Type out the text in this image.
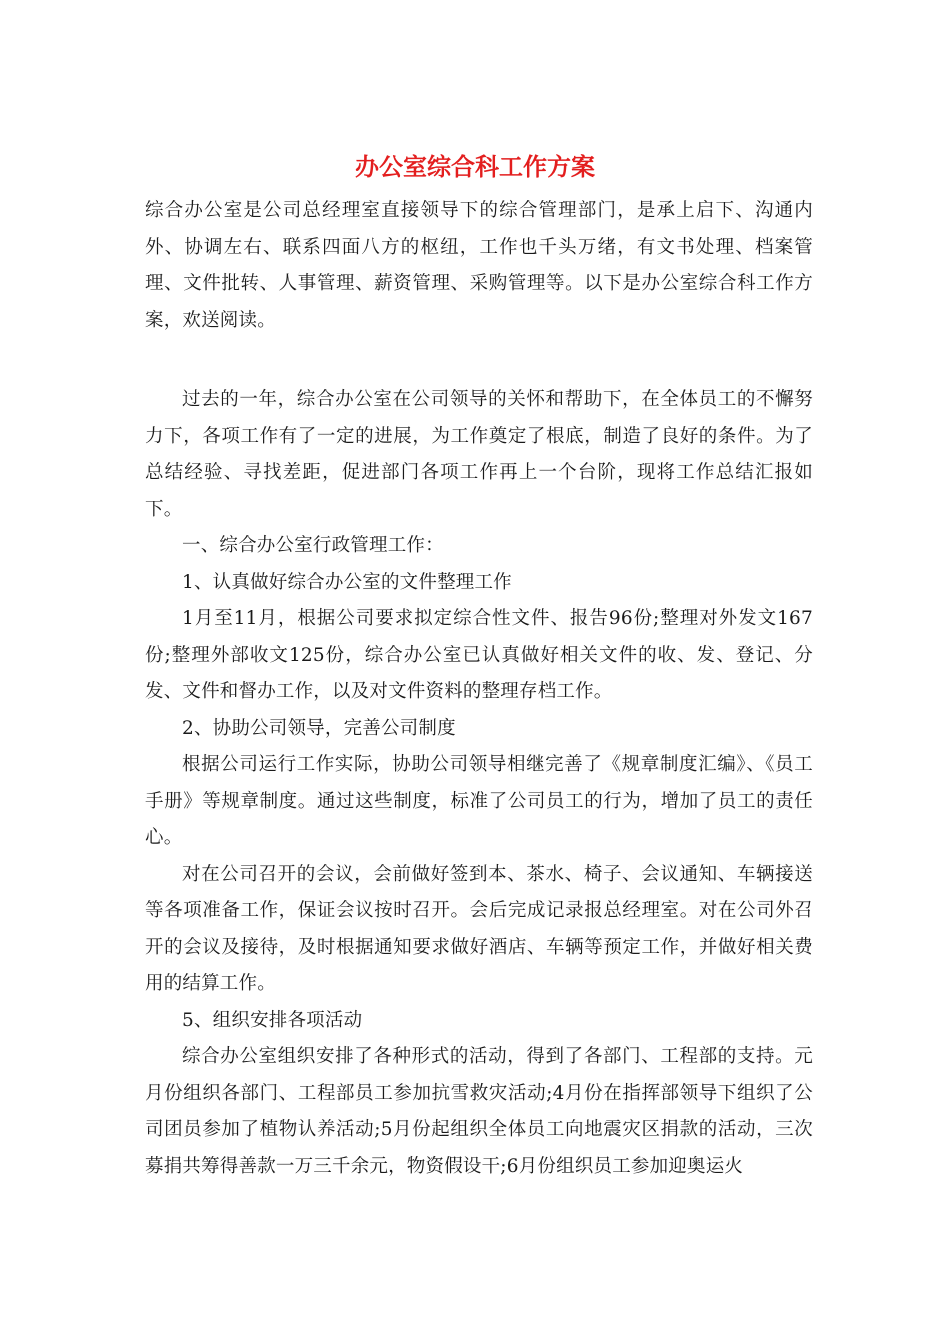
办公室综合科工作方案

综合办公室是公司总经理室直接领导下的综合管理部门，是承上启下、沟通内外、协调左右、联系四面八方的枢纽，工作也千头万绪，有文书处理、档案管理、文件批转、人事管理、薪资管理、采购管理等。以下是办公室综合科工作方案，欢送阅读。

过去的一年，综合办公室在公司领导的关怀和帮助下，在全体员工的不懈努力下，各项工作有了一定的进展，为工作奠定了根底，制造了良好的条件。为了总结经验、寻找差距，促进部门各项工作再上一个台阶，现将工作总结汇报如下。

一、综合办公室行政管理工作：

1、认真做好综合办公室的文件整理工作

1月至11月，根据公司要求拟定综合性文件、报告96份;整理对外发文167份;整理外部收文125份，综合办公室已认真做好相关文件的收、发、登记、分发、文件和督办工作，以及对文件资料的整理存档工作。

2、协助公司领导，完善公司制度

根据公司运行工作实际，协助公司领导相继完善了《规章制度汇编》、《员工手册》等规章制度。通过这些制度，标准了公司员工的行为，增加了员工的责任心。

对在公司召开的会议，会前做好签到本、茶水、椅子、会议通知、车辆接送等各项准备工作，保证会议按时召开。会后完成记录报总经理室。对在公司外召开的会议及接待，及时根据通知要求做好酒店、车辆等预定工作，并做好相关费用的结算工作。

5、组织安排各项活动

综合办公室组织安排了各种形式的活动，得到了各部门、工程部的支持。元月份组织各部门、工程部员工参加抗雪救灾活动;4月份在指挥部领导下组织了公司团员参加了植物认养活动;5月份起组织全体员工向地震灾区捐款的活动，三次募捐共筹得善款一万三千余元，物资假设干;6月份组织员工参加迎奥运火
